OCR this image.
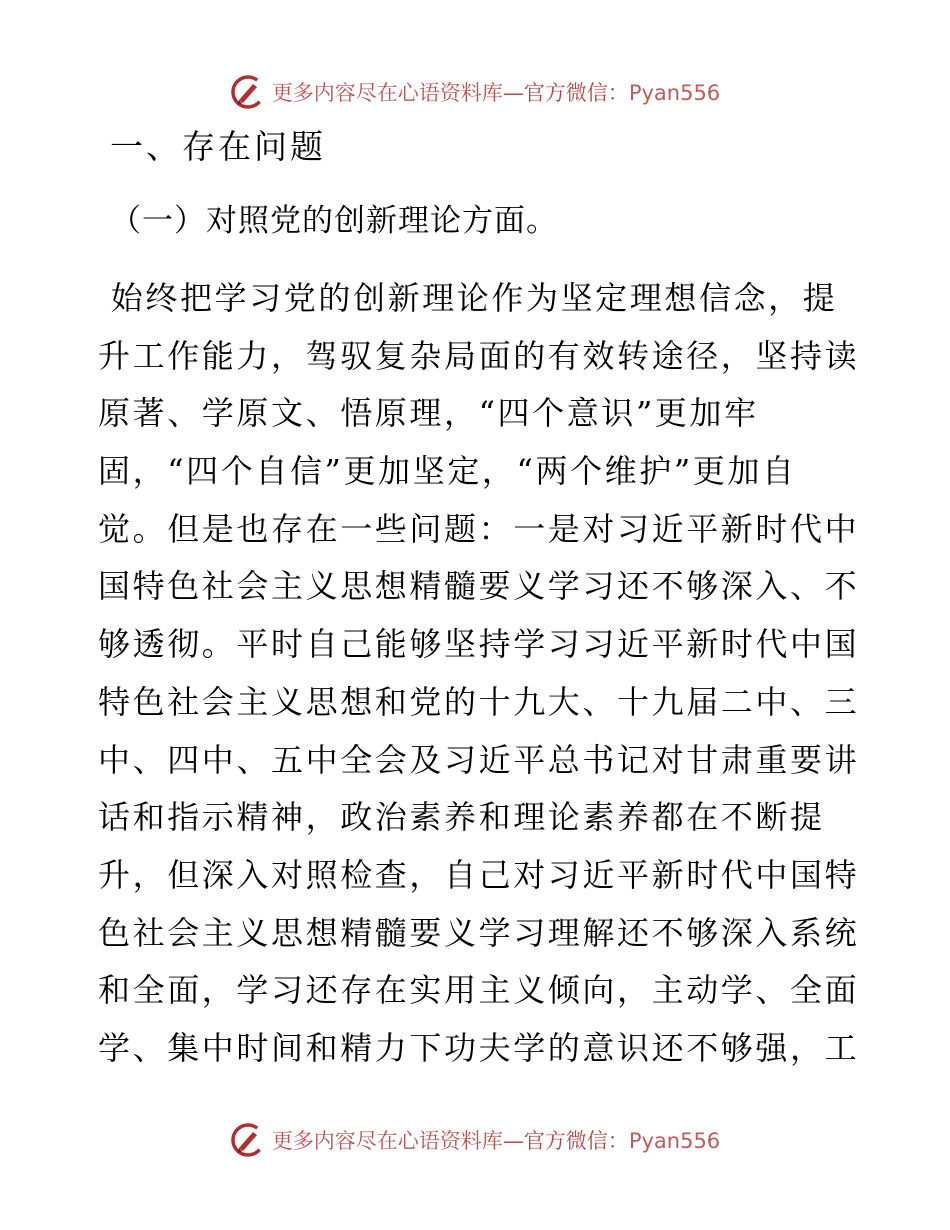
更多内容尽在心语资料库—官方微信：Pyan556
一、存在问题
（一）对照党的创新理论方面。
始终把学习党的创新理论作为坚定理想信念，提
升工作能力，驾驭复杂局面的有效转途径，坚持读
原著、学原文、悟原理，“四个意识”更加牢
固，“四个自信”更加坚定，“两个维护”更加自
觉。但是也存在一些问题：一是对习近平新时代中
国特色社会主义思想精髓要义学习还不够深入、不
够透彻。平时自己能够坚持学习习近平新时代中国
特色社会主义思想和党的十九大、十九届二中、三
中、四中、五中全会及习近平总书记对甘肃重要讲
话和指示精神，政治素养和理论素养都在不断提
升，但深入对照检查，自己对习近平新时代中国特
色社会主义思想精髓要义学习理解还不够深入系统
和全面，学习还存在实用主义倾向，主动学、全面
学、集中时间和精力下功夫学的意识还不够强，工
更多内容尽在心语资料库—官方微信：Pyan556
